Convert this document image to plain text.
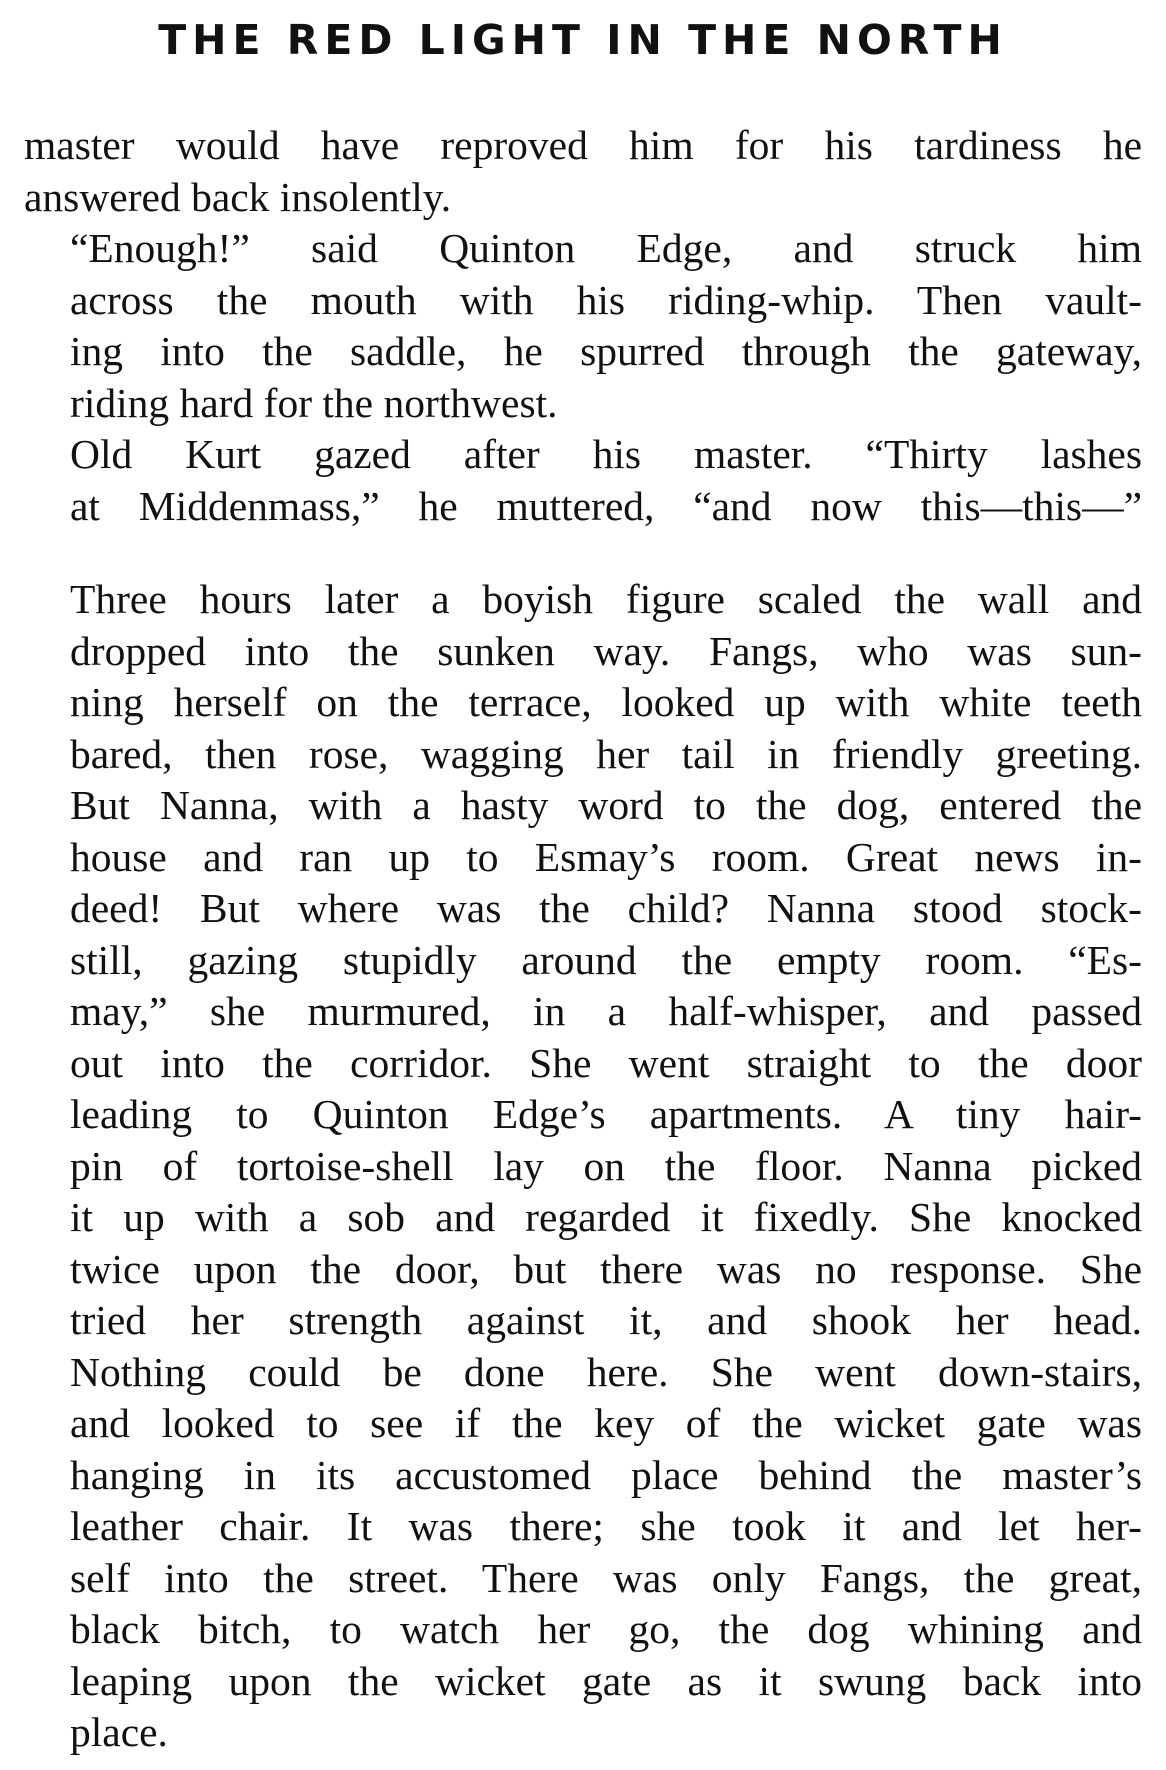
THE RED LIGHT IN THE NORTH
master would have reproved him for his tardiness he
answered back insolently.
“Enough!” said Quinton Edge, and struck him
across the mouth with his riding-whip. Then vault-
ing into the saddle, he spurred through the gateway,
riding hard for the northwest.
Old Kurt gazed after his master. “Thirty lashes
at Middenmass,” he muttered, “and now this—this—”
Three hours later a boyish figure scaled the wall and
dropped into the sunken way. Fangs, who was sun-
ning herself on the terrace, looked up with white teeth
bared, then rose, wagging her tail in friendly greeting.
But Nanna, with a hasty word to the dog, entered the
house and ran up to Esmay’s room. Great news in-
deed! But where was the child? Nanna stood stock-
still, gazing stupidly around the empty room. “Es-
may,” she murmured, in a half-whisper, and passed
out into the corridor. She went straight to the door
leading to Quinton Edge’s apartments. A tiny hair-
pin of tortoise-shell lay on the floor. Nanna picked
it up with a sob and regarded it fixedly. She knocked
twice upon the door, but there was no response. She
tried her strength against it, and shook her head.
Nothing could be done here. She went down-stairs,
and looked to see if the key of the wicket gate was
hanging in its accustomed place behind the master’s
leather chair. It was there; she took it and let her-
self into the street. There was only Fangs, the great,
black bitch, to watch her go, the dog whining and
leaping upon the wicket gate as it swung back into
place.
